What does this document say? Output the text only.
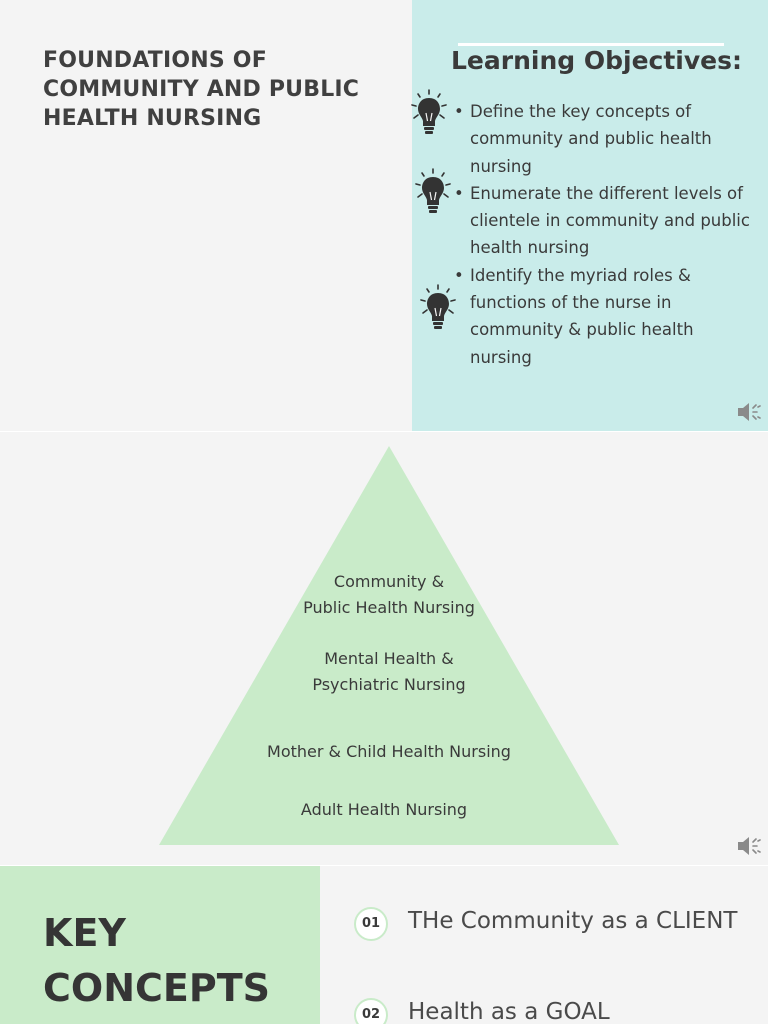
FOUNDATIONS OF COMMUNITY AND PUBLIC HEALTH NURSING
Learning Objectives:
• Define the key concepts of community and public health nursing
• Enumerate the different levels of clientele in community and public health nursing
• Identify the myriad roles & functions of the nurse in community & public health nursing
Community &
Public Health Nursing
Mental Health &
Psychiatric Nursing
Mother & Child Health Nursing
Adult Health Nursing
KEY CONCEPTS
01	THe Community as a CLIENT
02	Health as a GOAL
